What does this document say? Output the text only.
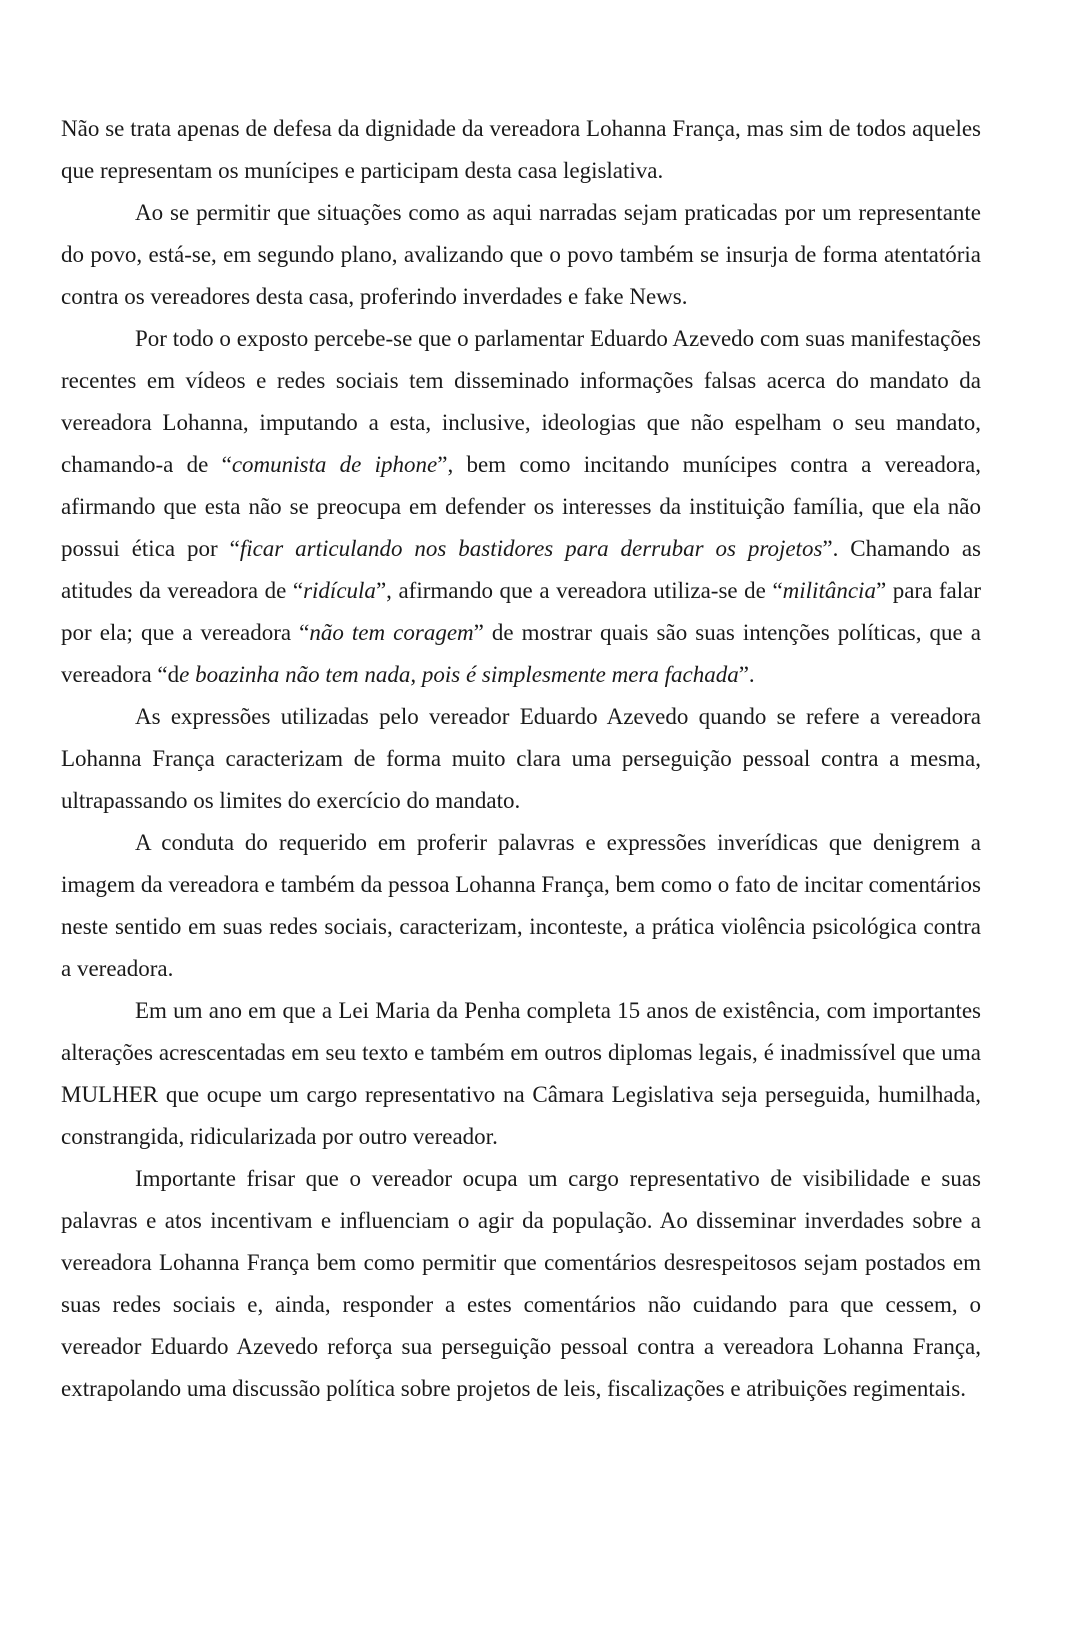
Não se trata apenas de defesa da dignidade da vereadora Lohanna França, mas sim de todos aqueles que representam os munícipes e participam desta casa legislativa.

Ao se permitir que situações como as aqui narradas sejam praticadas por um representante do povo, está-se, em segundo plano, avalizando que o povo também se insurja de forma atentatória contra os vereadores desta casa, proferindo inverdades e fake News.

Por todo o exposto percebe-se que o parlamentar Eduardo Azevedo com suas manifestações recentes em vídeos e redes sociais tem disseminado informações falsas acerca do mandato da vereadora Lohanna, imputando a esta, inclusive, ideologias que não espelham o seu mandato, chamando-a de “comunista de iphone”, bem como incitando munícipes contra a vereadora, afirmando que esta não se preocupa em defender os interesses da instituição família, que ela não possui ética por “ficar articulando nos bastidores para derrubar os projetos”. Chamando as atitudes da vereadora de “ridícula”, afirmando que a vereadora utiliza-se de “militância” para falar por ela; que a vereadora “não tem coragem” de mostrar quais são suas intenções políticas, que a vereadora “de boazinha não tem nada, pois é simplesmente mera fachada”.

As expressões utilizadas pelo vereador Eduardo Azevedo quando se refere a vereadora Lohanna França caracterizam de forma muito clara uma perseguição pessoal contra a mesma, ultrapassando os limites do exercício do mandato.

A conduta do requerido em proferir palavras e expressões inverídicas que denigrem a imagem da vereadora e também da pessoa Lohanna França, bem como o fato de incitar comentários neste sentido em suas redes sociais, caracterizam, inconteste, a prática violência psicológica contra a vereadora.

Em um ano em que a Lei Maria da Penha completa 15 anos de existência, com importantes alterações acrescentadas em seu texto e também em outros diplomas legais, é inadmissível que uma MULHER que ocupe um cargo representativo na Câmara Legislativa seja perseguida, humilhada, constrangida, ridicularizada por outro vereador.

Importante frisar que o vereador ocupa um cargo representativo de visibilidade e suas palavras e atos incentivam e influenciam o agir da população. Ao disseminar inverdades sobre a vereadora Lohanna França bem como permitir que comentários desrespeitosos sejam postados em suas redes sociais e, ainda, responder a estes comentários não cuidando para que cessem, o vereador Eduardo Azevedo reforça sua perseguição pessoal contra a vereadora Lohanna França, extrapolando uma discussão política sobre projetos de leis, fiscalizações e atribuições regimentais.
